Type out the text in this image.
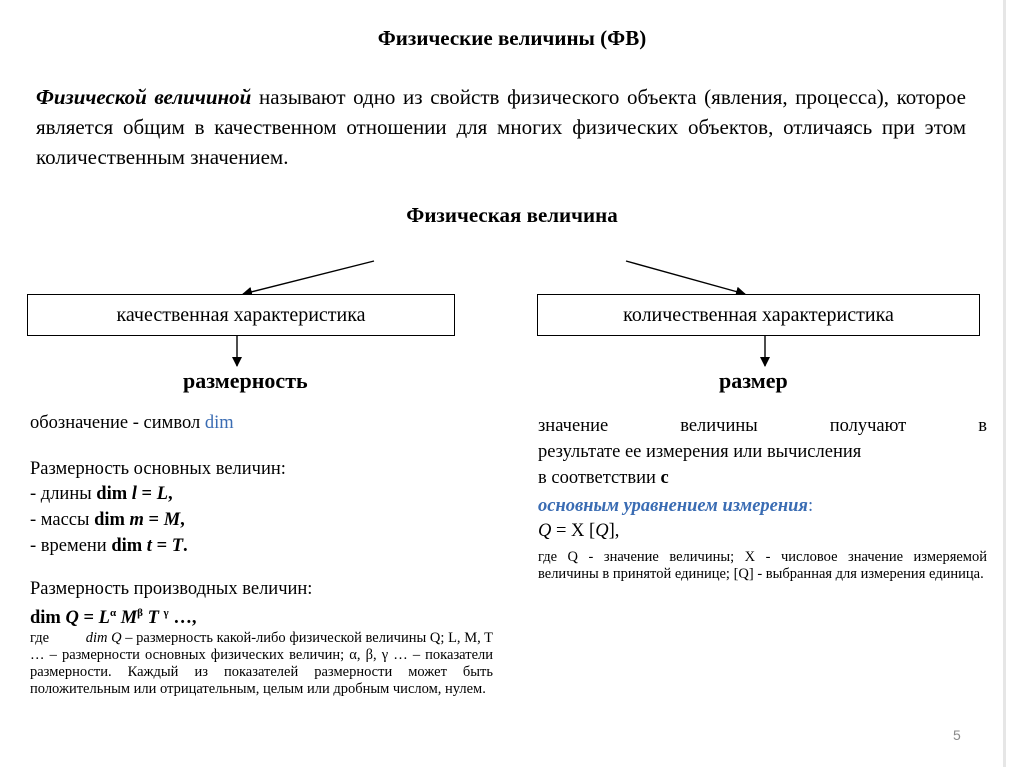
Физические величины (ФВ)

Физической величиной называют одно из свойств физического объекта (явления, процесса), которое является общим в качественном отношении для многих физических объектов, отличаясь при этом количественным значением.

Физическая величина
качественная характеристика	количественная характеристика
размерность	размер

обозначение - символ dim

Размерность основных величин:

- длины dim l = L,

- массы dim m = M,

- времени dim t = T.

Размерность производных величин:

dim $Q = L^\alpha$ $M^\beta$ T $^\gamma$ …,

где	dim Q – размерность какой-либо физической величины Q; L, M, T … – размерности основных физических величин; α, β, γ … – показатели размерности. Каждый из показателей размерности может быть положительным или отрицательным, целым или дробным числом, нулем.

значение величины получают в

результате ее измерения или вычисления

в соответствии с

основным уравнением измерения:

Q = X [Q],

где Q - значение величины; X - числовое значение измеряемой величины в принятой единице; [Q] - выбранная для измерения единица.

5
